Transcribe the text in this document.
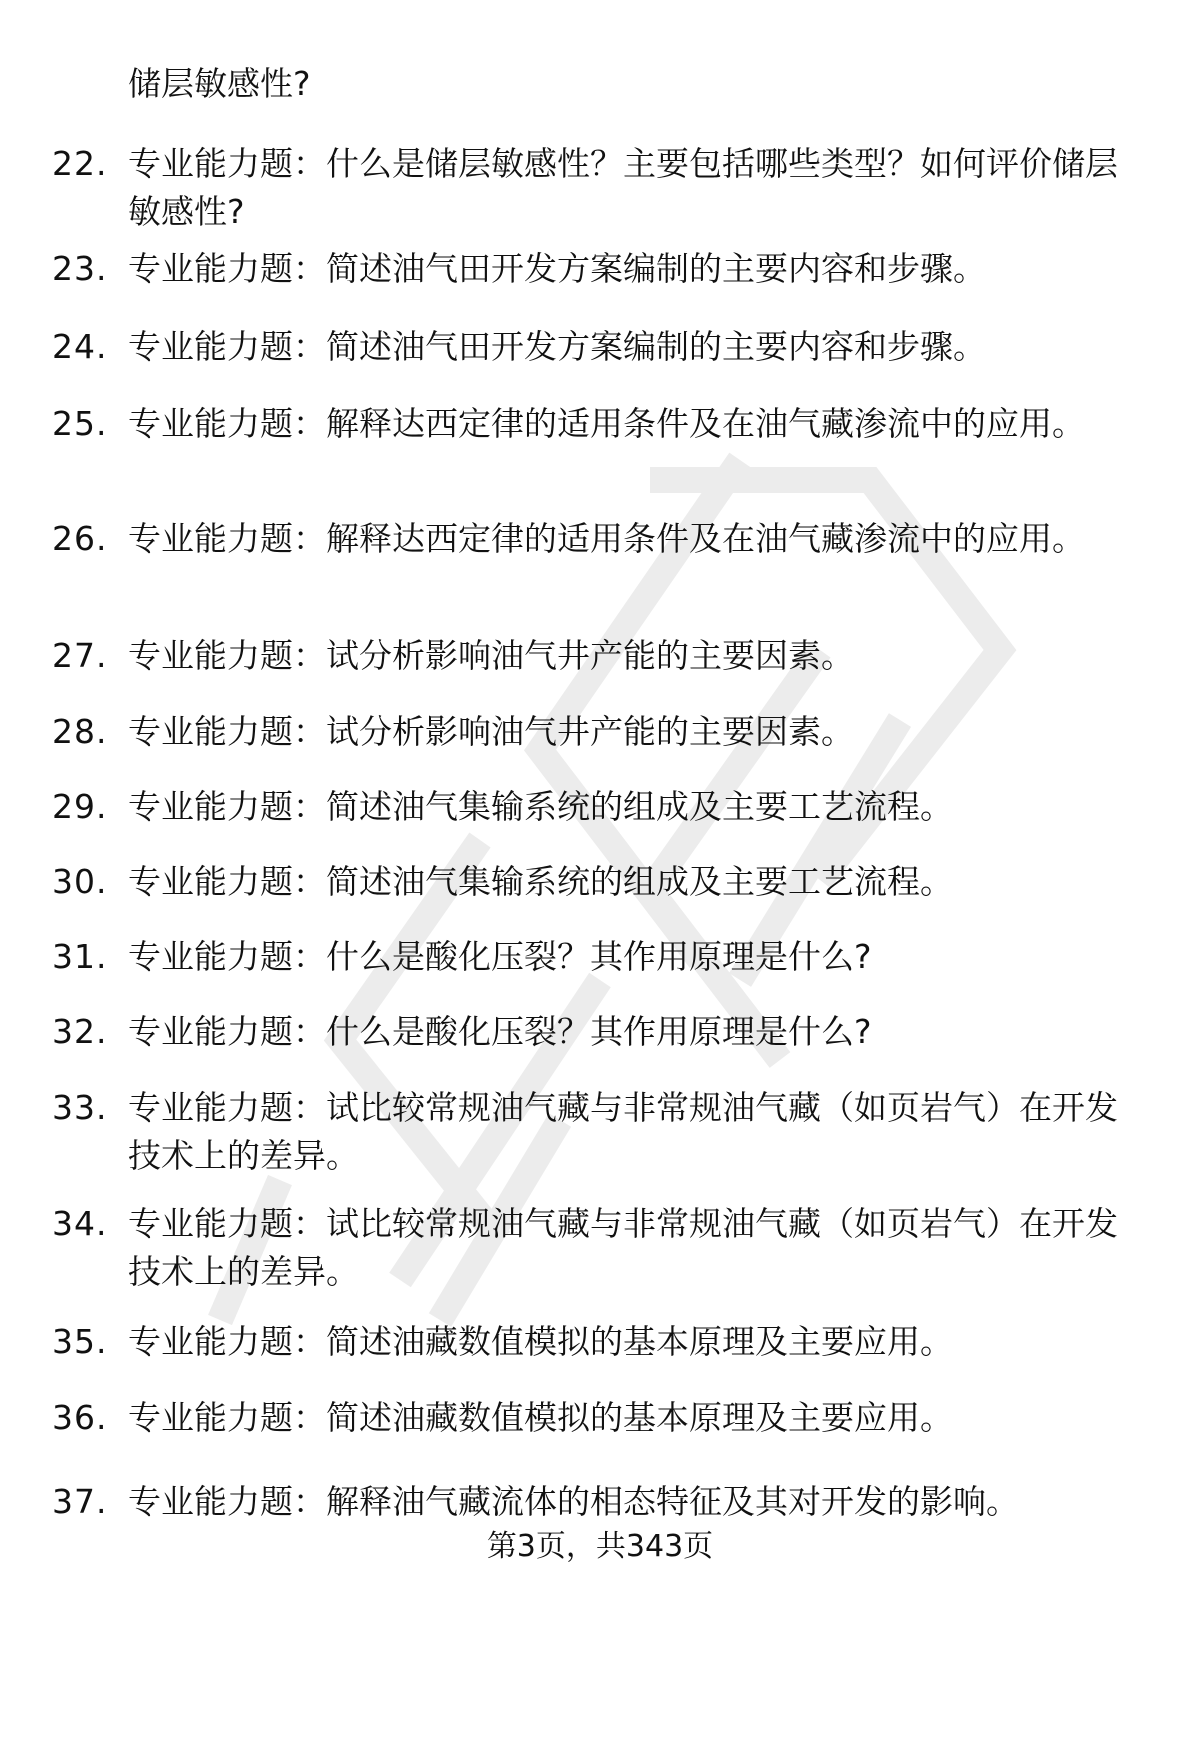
储层敏感性?
22. 专业能力题：什么是储层敏感性？主要包括哪些类型？如何评价储层敏感性?
23. 专业能力题：简述油气田开发方案编制的主要内容和步骤。
24. 专业能力题：简述油气田开发方案编制的主要内容和步骤。
25. 专业能力题：解释达西定律的适用条件及在油气藏渗流中的应用。
26. 专业能力题：解释达西定律的适用条件及在油气藏渗流中的应用。
27. 专业能力题：试分析影响油气井产能的主要因素。
28. 专业能力题：试分析影响油气井产能的主要因素。
29. 专业能力题：简述油气集输系统的组成及主要工艺流程。
30. 专业能力题：简述油气集输系统的组成及主要工艺流程。
31. 专业能力题：什么是酸化压裂？其作用原理是什么?
32. 专业能力题：什么是酸化压裂？其作用原理是什么?
33. 专业能力题：试比较常规油气藏与非常规油气藏（如页岩气）在开发技术上的差异。
34. 专业能力题：试比较常规油气藏与非常规油气藏（如页岩气）在开发技术上的差异。
35. 专业能力题：简述油藏数值模拟的基本原理及主要应用。
36. 专业能力题：简述油藏数值模拟的基本原理及主要应用。
37. 专业能力题：解释油气藏流体的相态特征及其对开发的影响。
第3页，共343页
